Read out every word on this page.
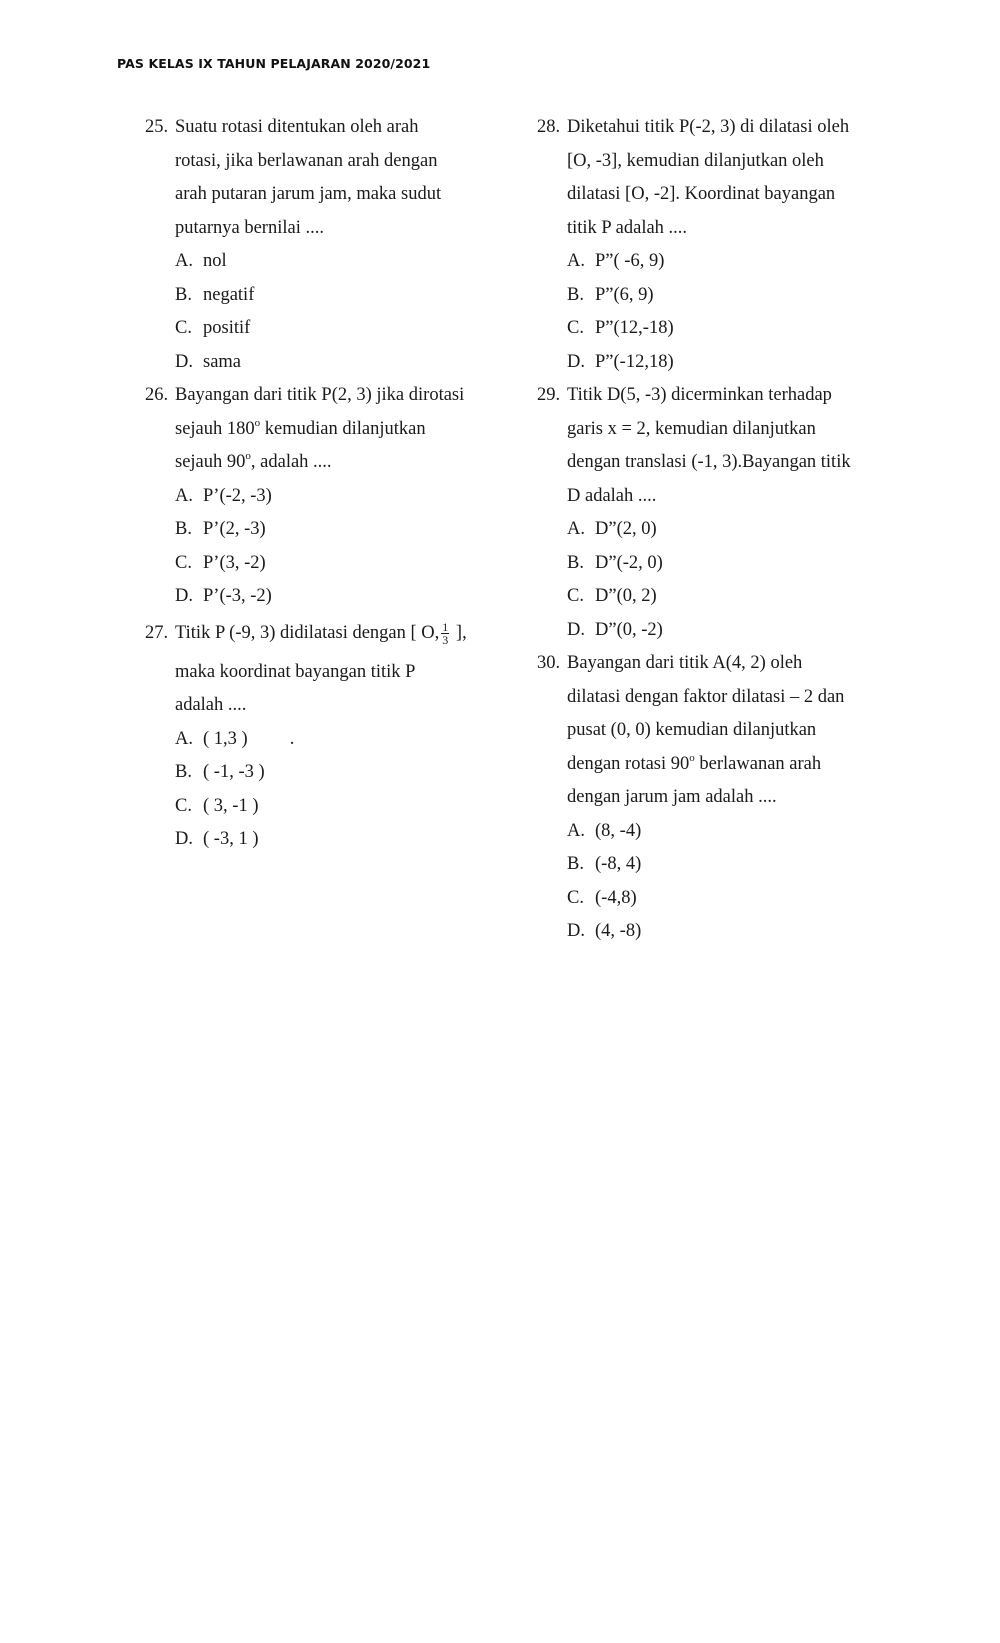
PAS KELAS IX TAHUN PELAJARAN 2020/2021
25. Suatu rotasi ditentukan oleh arah
rotasi, jika berlawanan arah dengan
arah putaran jarum jam, maka sudut
putarnya bernilai ....
A. nol
B. negatif
C. positif
D. sama
26. Bayangan dari titik P(2, 3) jika dirotasi
sejauh 180$^o$ kemudian dilanjutkan
sejauh 90$^o$, adalah ....
A. P’(-2, -3)
B. P’(2, -3)
C. P’(3, -2)
D. P’(-3, -2)
27. Titik P (-9, 3) didilatasi dengan [ O, $\frac{1}{3}$ ],
maka koordinat bayangan titik P
adalah ....
A. ( 1,3 ) .
B. ( -1, -3 )
C. ( 3, -1 )
D. ( -3, 1 )
28. Diketahui titik P(-2, 3) di dilatasi oleh
[O, -3], kemudian dilanjutkan oleh
dilatasi [O, -2]. Koordinat bayangan
titik P adalah ....
A. P”( -6, 9)
B. P”(6, 9)
C. P”(12,-18)
D. P”(-12,18)
29. Titik D(5, -3) dicerminkan terhadap
garis x = 2, kemudian dilanjutkan
dengan translasi (-1, 3).Bayangan titik
D adalah ....
A. D”(2, 0)
B. D”(-2, 0)
C. D”(0, 2)
D. D”(0, -2)
30. Bayangan dari titik A(4, 2) oleh
dilatasi dengan faktor dilatasi – 2 dan
pusat (0, 0) kemudian dilanjutkan
dengan rotasi 90$^o$ berlawanan arah
dengan jarum jam adalah ....
A. (8, -4)
B. (-8, 4)
C. (-4,8)
D. (4, -8)
